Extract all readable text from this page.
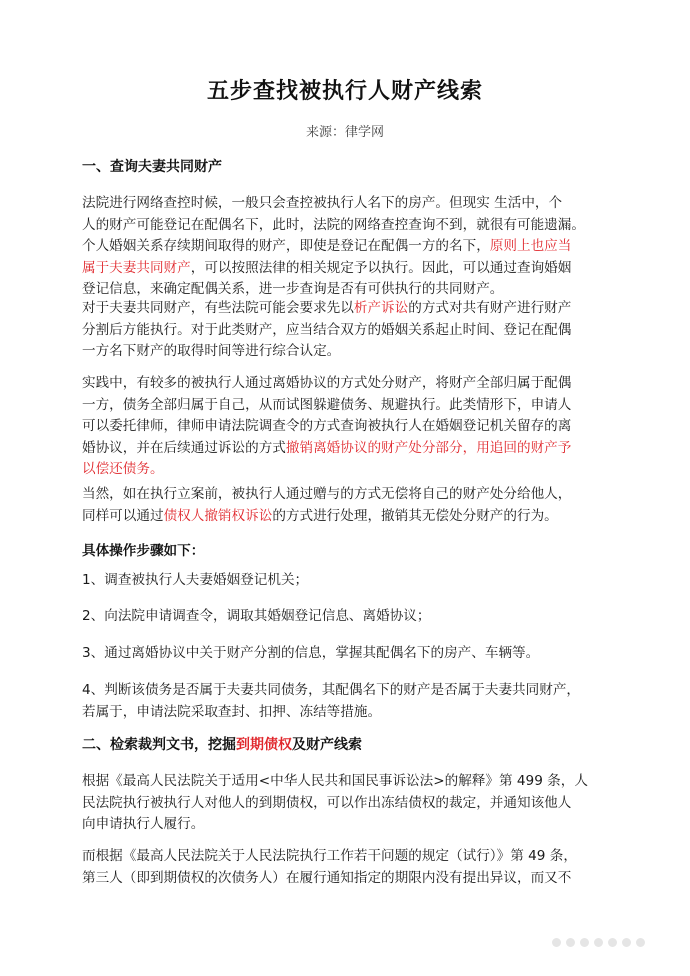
五步查找被执行人财产线索
来源：律学网
一、查询夫妻共同财产
法院进行网络查控时候，一般只会查控被执行人名下的房产。但现实 生活中，个
人的财产可能登记在配偶名下，此时，法院的网络查控查询不到，就很有可能遗漏。
个人婚姻关系存续期间取得的财产，即使是登记在配偶一方的名下，原则上也应当
属于夫妻共同财产，可以按照法律的相关规定予以执行。因此，可以通过查询婚姻
登记信息，来确定配偶关系，进一步查询是否有可供执行的共同财产。
对于夫妻共同财产，有些法院可能会要求先以析产诉讼的方式对共有财产进行财产
分割后方能执行。对于此类财产，应当结合双方的婚姻关系起止时间、登记在配偶
一方名下财产的取得时间等进行综合认定。
实践中，有较多的被执行人通过离婚协议的方式处分财产，将财产全部归属于配偶
一方，债务全部归属于自己，从而试图躲避债务、规避执行。此类情形下，申请人
可以委托律师，律师申请法院调查令的方式查询被执行人在婚姻登记机关留存的离
婚协议，并在后续通过诉讼的方式撤销离婚协议的财产处分部分，用追回的财产予
以偿还债务。
当然，如在执行立案前，被执行人通过赠与的方式无偿将自己的财产处分给他人，
同样可以通过债权人撤销权诉讼的方式进行处理，撤销其无偿处分财产的行为。
具体操作步骤如下：
1、调查被执行人夫妻婚姻登记机关；
2、向法院申请调查令，调取其婚姻登记信息、离婚协议；
3、通过离婚协议中关于财产分割的信息，掌握其配偶名下的房产、车辆等。
4、判断该债务是否属于夫妻共同债务，其配偶名下的财产是否属于夫妻共同财产，
若属于，申请法院采取查封、扣押、冻结等措施。
二、检索裁判文书，挖掘到期债权及财产线索
根据《最高人民法院关于适用<中华人民共和国民事诉讼法>的解释》第 499 条，人
民法院执行被执行人对他人的到期债权，可以作出冻结债权的裁定，并通知该他人
向申请执行人履行。
而根据《最高人民法院关于人民法院执行工作若干问题的规定（试行）》第 49 条，
第三人（即到期债权的次债务人）在履行通知指定的期限内没有提出异议，而又不
